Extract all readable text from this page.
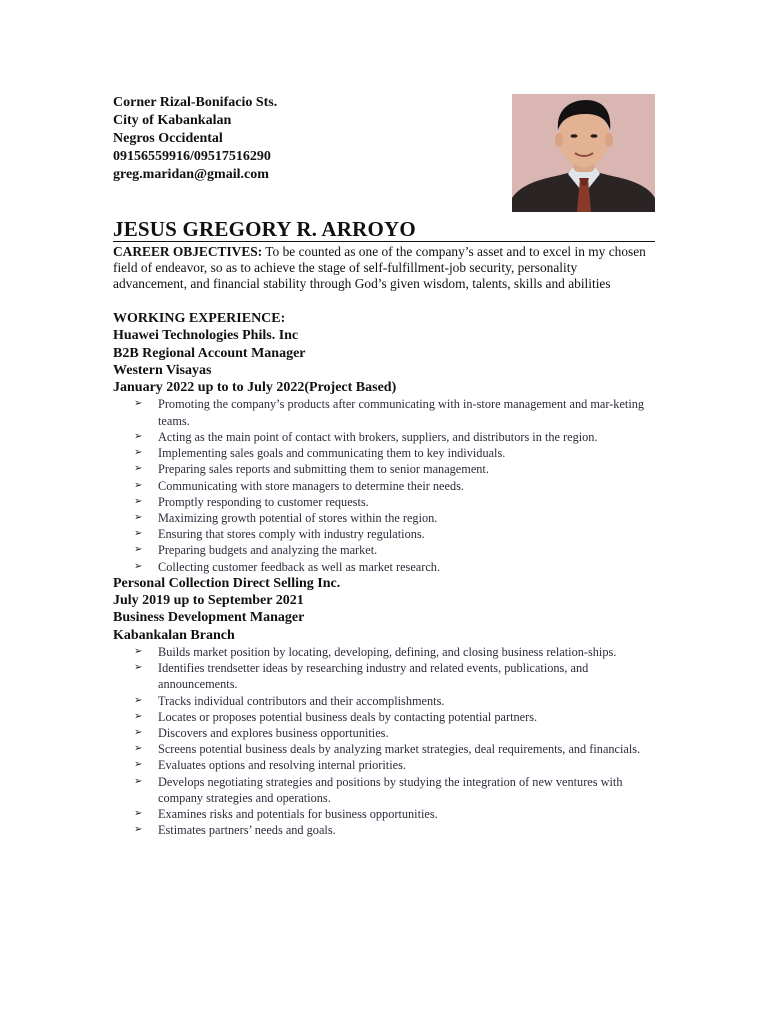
Corner Rizal-Bonifacio Sts.
City of Kabankalan
Negros Occidental
09156559916/09517516290
greg.maridan@gmail.com
JESUS GREGORY R. ARROYO
CAREER OBJECTIVES: To be counted as one of the company’s asset and to excel in my chosen field of endeavor, so as to achieve the stage of self-fulfillment-job security, personality advancement, and financial stability through God’s given wisdom, talents, skills and abilities
WORKING EXPERIENCE:
Huawei Technologies Phils. Inc
B2B Regional Account Manager
Western Visayas
January 2022 up to to July 2022(Project Based)
➢ Promoting the company’s products after communicating with in-store management and mar-keting teams.
➢ Acting as the main point of contact with brokers, suppliers, and distributors in the region.
➢ Implementing sales goals and communicating them to key individuals.
➢ Preparing sales reports and submitting them to senior management.
➢ Communicating with store managers to determine their needs.
➢ Promptly responding to customer requests.
➢ Maximizing growth potential of stores within the region.
➢ Ensuring that stores comply with industry regulations.
➢ Preparing budgets and analyzing the market.
➢ Collecting customer feedback as well as market research.
Personal Collection Direct Selling Inc.
July 2019 up to September 2021
Business Development Manager
Kabankalan Branch
➢ Builds market position by locating, developing, defining, and closing business relation-ships.
➢ Identifies trendsetter ideas by researching industry and related events, publications, and announcements.
➢ Tracks individual contributors and their accomplishments.
➢ Locates or proposes potential business deals by contacting potential partners.
➢ Discovers and explores business opportunities.
➢ Screens potential business deals by analyzing market strategies, deal requirements, and financials.
➢ Evaluates options and resolving internal priorities.
➢ Develops negotiating strategies and positions by studying the integration of new ventures with company strategies and operations.
➢ Examines risks and potentials for business opportunities.
➢ Estimates partners’ needs and goals.
